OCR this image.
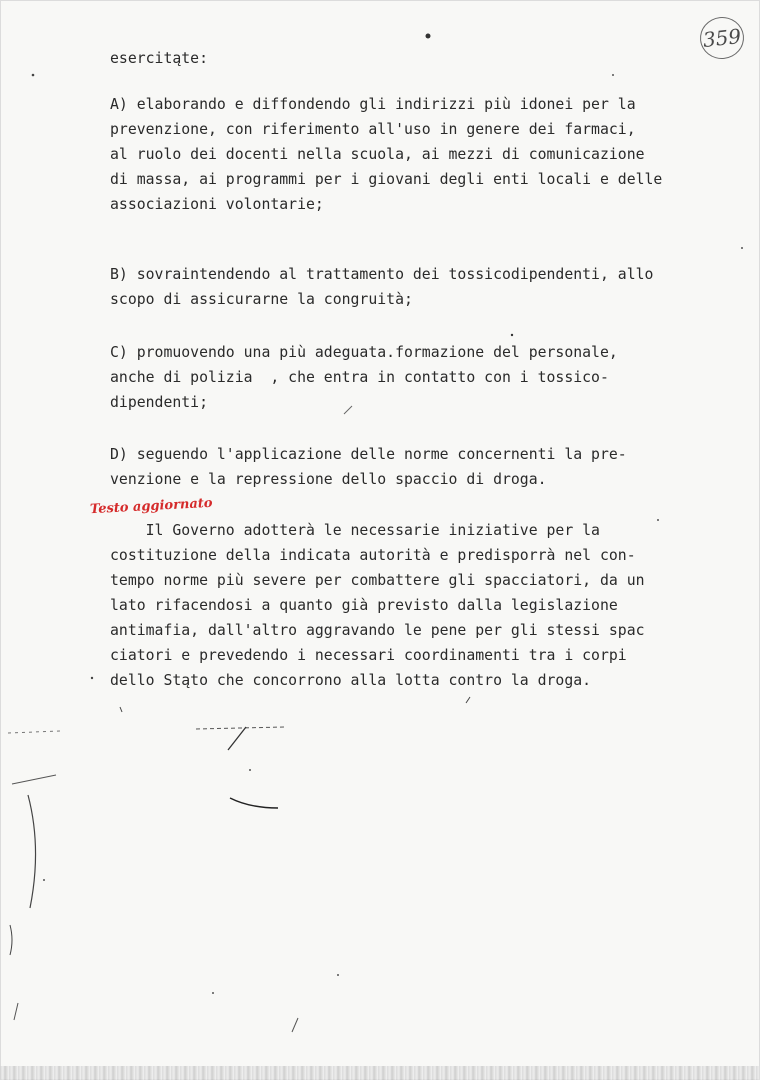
359

esercitąte:

A) elaborando e diffondendo gli indirizzi più idonei per la
prevenzione, con riferimento all'uso in genere dei farmaci,
al ruolo dei docenti nella scuola, ai mezzi di comunicazione
di massa, ai programmi per i giovani degli enti locali e delle
associazioni volontarie;

B) sovraintendendo al trattamento dei tossicodipendenti, allo
scopo di assicurarne la congruità;

C) promuovendo una più adeguata.formazione del personale,
anche di polizia  , che entra in contatto con i tossico-
dipendenti;

D) seguendo l'applicazione delle norme concernenti la pre-
venzione e la repressione dello spaccio di droga.

Testo aggiornato

Il Governo adotterà le necessarie iniziative per la
costituzione della indicata autorità e predisporrà nel con-
tempo norme più severe per combattere gli spacciatori, da un
lato rifacendosi a quanto già previsto dalla legislazione
antimafia, dall'altro aggravando le pene per gli stessi spac
ciatori e prevedendo i necessari coordinamenti tra i corpi
dello Stąto che concorrono alla lotta contro la droga.
